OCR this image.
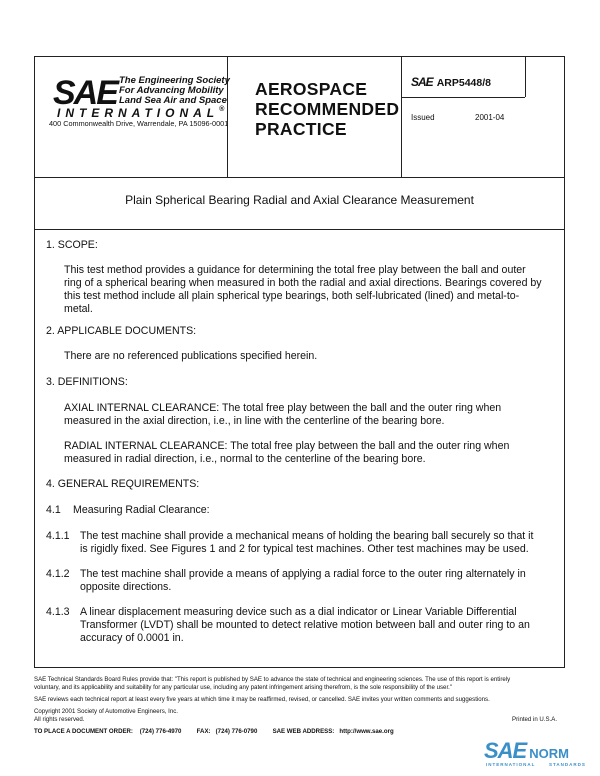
SAE The Engineering Society
For Advancing Mobility
Land Sea Air and Space
INTERNATIONAL®
400 Commonwealth Drive, Warrendale, PA 15096-0001
AEROSPACE
RECOMMENDED
PRACTICE
SAE ARP5448/8
Issued	2001-04
Plain Spherical Bearing Radial and Axial Clearance Measurement
1. SCOPE:
This test method provides a guidance for determining the total free play between the ball and outer
ring of a spherical bearing when measured in both the radial and axial directions. Bearings covered by
this test method include all plain spherical type bearings, both self-lubricated (lined) and metal-to-
metal.
2. APPLICABLE DOCUMENTS:
There are no referenced publications specified herein.
3. DEFINITIONS:
AXIAL INTERNAL CLEARANCE: The total free play between the ball and the outer ring when
measured in the axial direction, i.e., in line with the centerline of the bearing bore.
RADIAL INTERNAL CLEARANCE: The total free play between the ball and the outer ring when
measured in radial direction, i.e., normal to the centerline of the bearing bore.
4. GENERAL REQUIREMENTS:
4.1 Measuring Radial Clearance:
4.1.1 The test machine shall provide a mechanical means of holding the bearing ball securely so that it
is rigidly fixed. See Figures 1 and 2 for typical test machines. Other test machines may be used.
4.1.2 The test machine shall provide a means of applying a radial force to the outer ring alternately in
opposite directions.
4.1.3 A linear displacement measuring device such as a dial indicator or Linear Variable Differential
Transformer (LVDT) shall be mounted to detect relative motion between ball and outer ring to an
accuracy of 0.0001 in.
SAE Technical Standards Board Rules provide that: "This report is published by SAE to advance the state of technical and engineering sciences. The use of this report is entirely
voluntary, and its applicability and suitability for any particular use, including any patent infringement arising therefrom, is the sole responsibility of the user."
SAE reviews each technical report at least every five years at which time it may be reaffirmed, revised, or cancelled. SAE invites your written comments and suggestions.
Copyright 2001 Society of Automotive Engineers, Inc.
All rights reserved.	Printed in U.S.A.
TO PLACE A DOCUMENT ORDER: (724) 776-4970	FAX: (724) 776-0790	SAE WEB ADDRESS: http://www.sae.org
SAE NORM
INTERNATIONAL	STANDARDS
